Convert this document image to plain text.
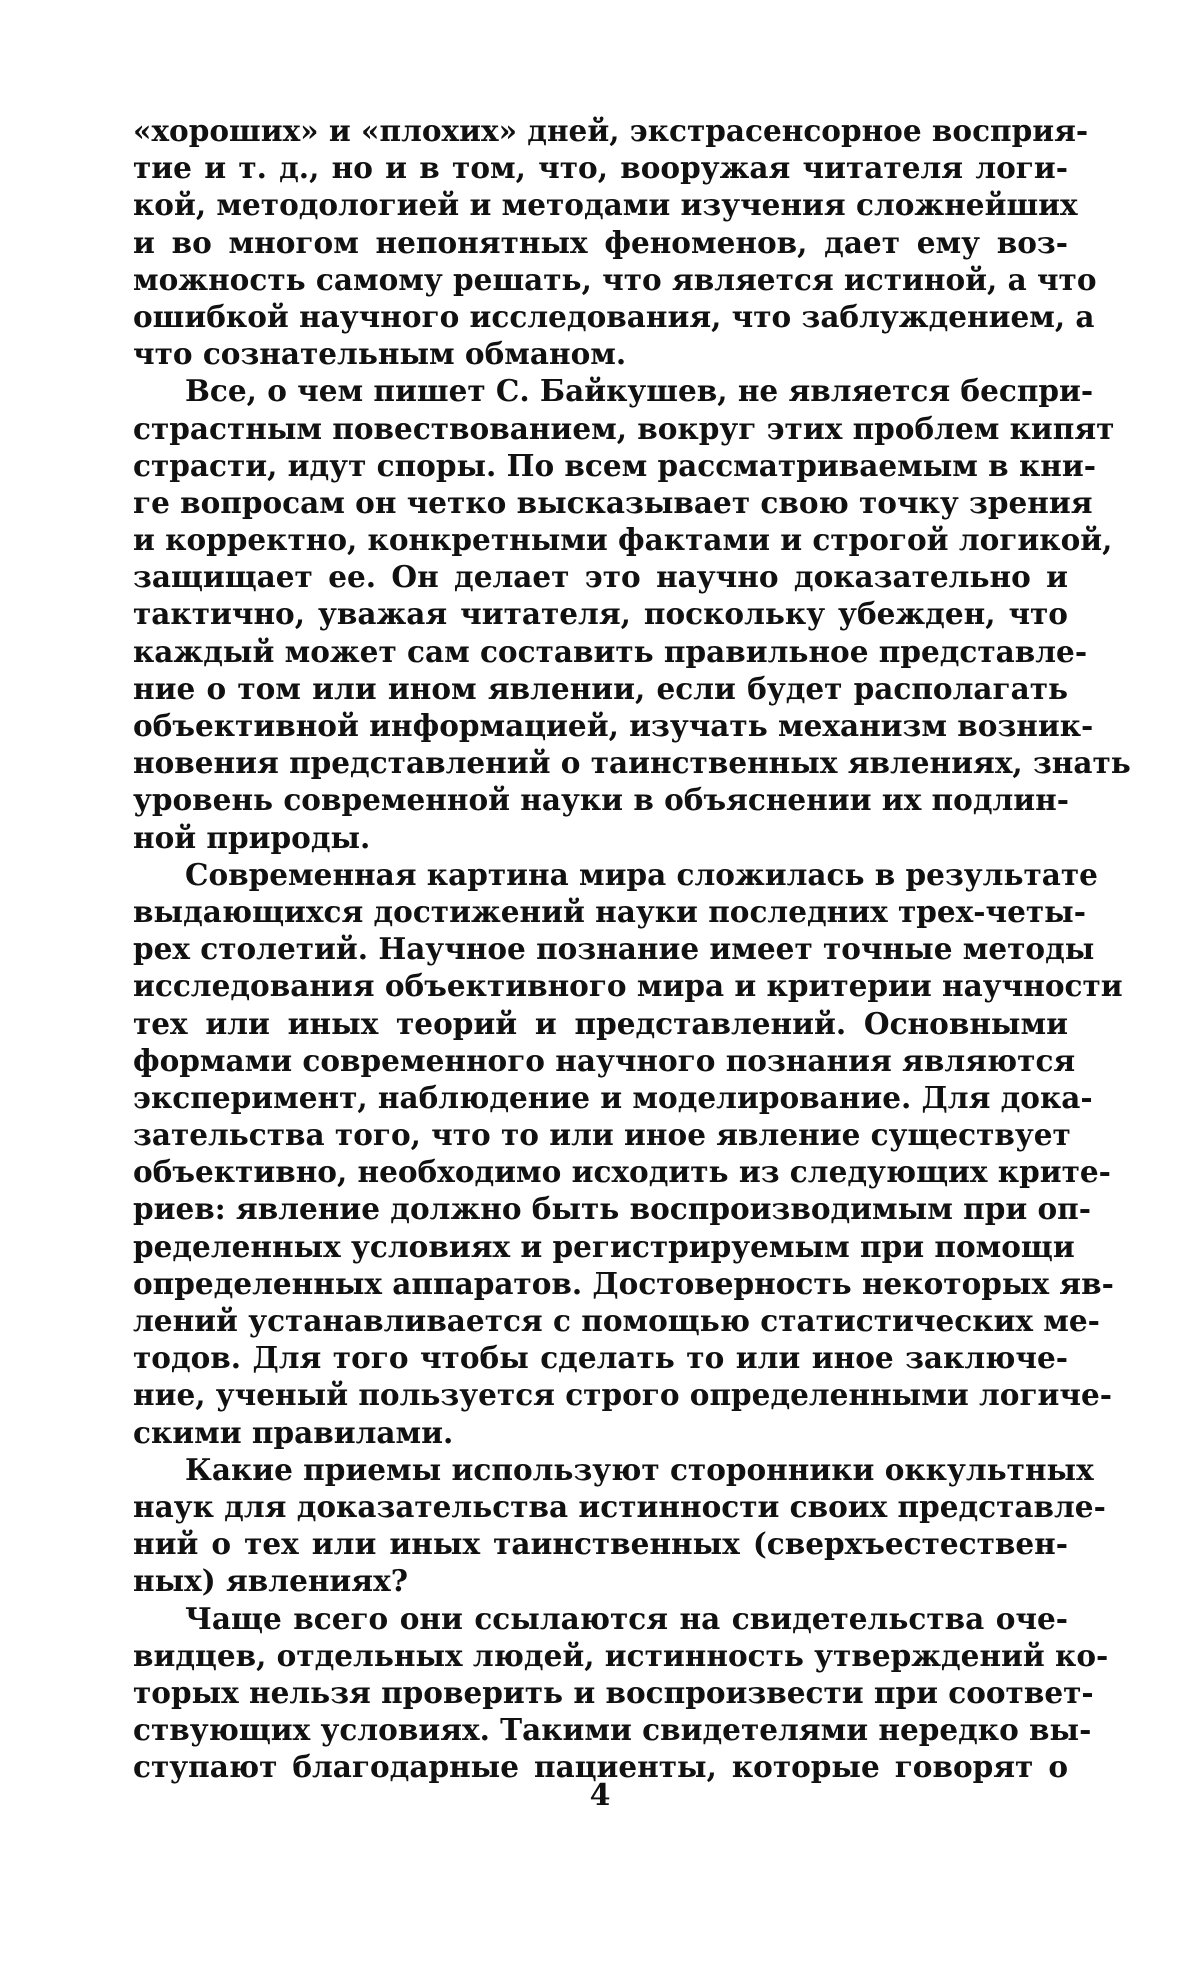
«хороших» и «плохих» дней, экстрасенсорное восприя-
тие и т. д., но и в том, что, вооружая читателя логи-
кой, методологией и методами изучения сложнейших
и во многом непонятных феноменов, дает ему воз-
можность самому решать, что является истиной, а что
ошибкой научного исследования, что заблуждением, а
что сознательным обманом.
Все, о чем пишет С. Байкушев, не является беспри-
страстным повествованием, вокруг этих проблем кипят
страсти, идут споры. По всем рассматриваемым в кни-
ге вопросам он четко высказывает свою точку зрения
и корректно, конкретными фактами и строгой логикой,
защищает ее. Он делает это научно доказательно и
тактично, уважая читателя, поскольку убежден, что
каждый может сам составить правильное представле-
ние о том или ином явлении, если будет располагать
объективной информацией, изучать механизм возник-
новения представлений о таинственных явлениях, знать
уровень современной науки в объяснении их подлин-
ной природы.
Современная картина мира сложилась в результате
выдающихся достижений науки последних трех-четы-
рех столетий. Научное познание имеет точные методы
исследования объективного мира и критерии научности
тех или иных теорий и представлений. Основными
формами современного научного познания являются
эксперимент, наблюдение и моделирование. Для дока-
зательства того, что то или иное явление существует
объективно, необходимо исходить из следующих крите-
риев: явление должно быть воспроизводимым при оп-
ределенных условиях и регистрируемым при помощи
определенных аппаратов. Достоверность некоторых яв-
лений устанавливается с помощью статистических ме-
тодов. Для того чтобы сделать то или иное заключе-
ние, ученый пользуется строго определенными логиче-
скими правилами.
Какие приемы используют сторонники оккультных
наук для доказательства истинности своих представле-
ний о тех или иных таинственных (сверхъестествен-
ных) явлениях?
Чаще всего они ссылаются на свидетельства оче-
видцев, отдельных людей, истинность утверждений ко-
торых нельзя проверить и воспроизвести при соответ-
ствующих условиях. Такими свидетелями нередко вы-
ступают благодарные пациенты, которые говорят о
4
